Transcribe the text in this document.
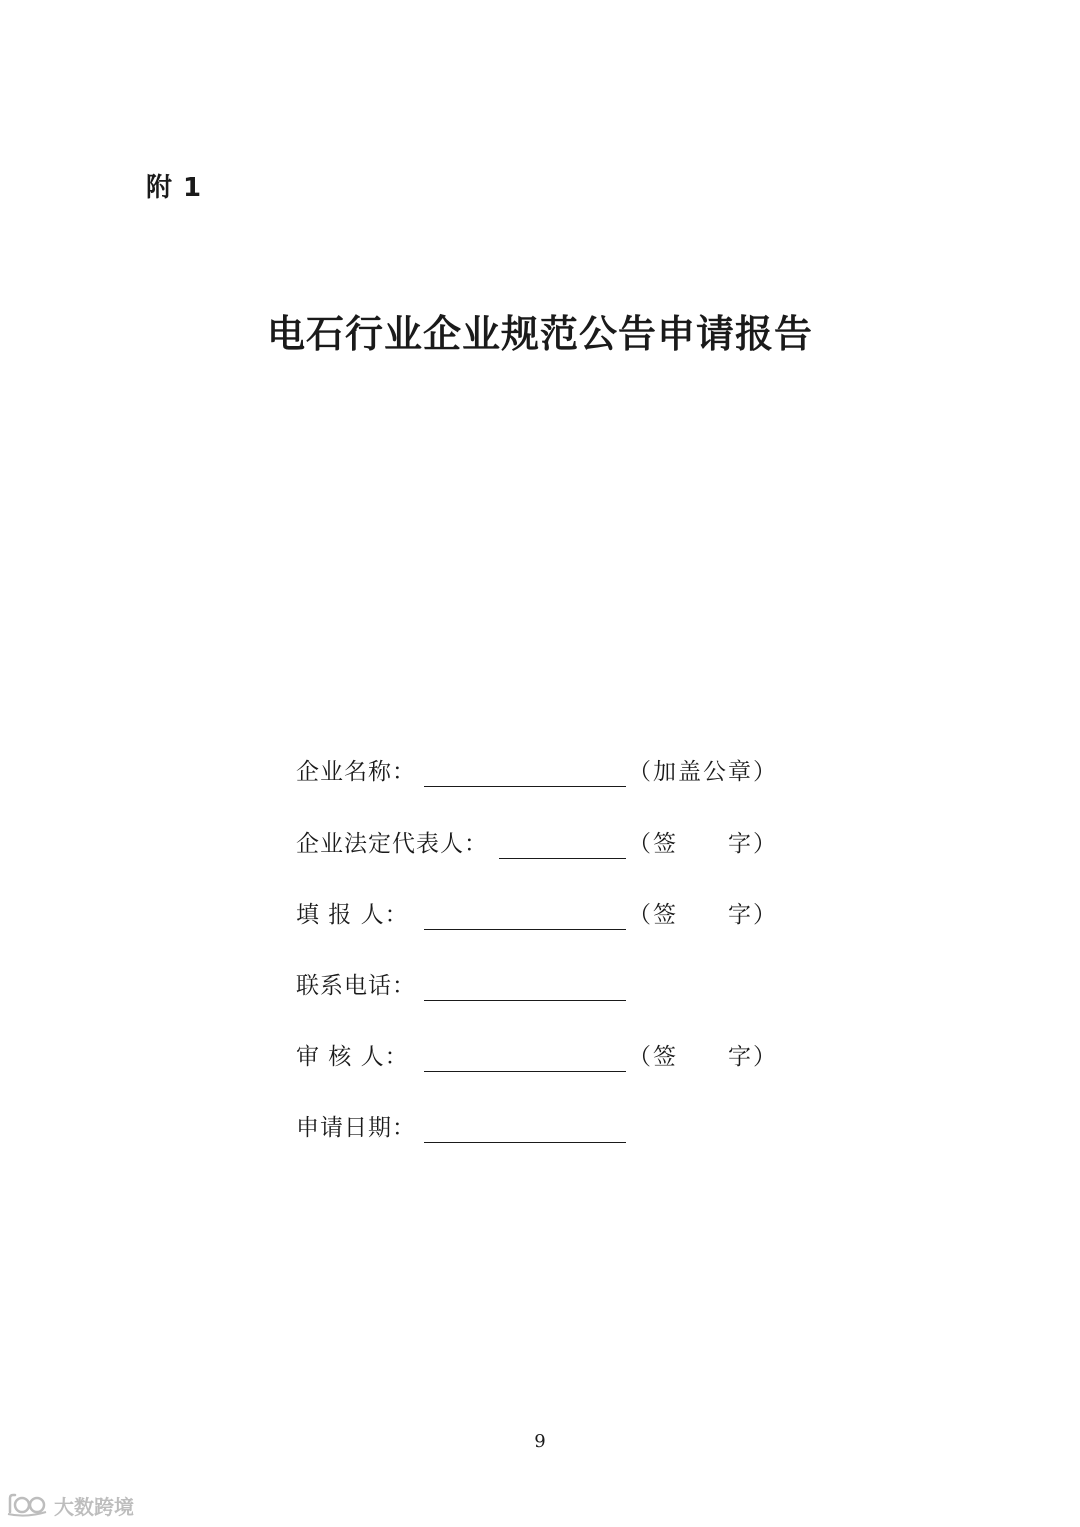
附 1
电石行业企业规范公告申请报告
企业名称：	（加盖公章）
企业法定代表人：	（签　　字）
填 报 人：	（签　　字）
联系电话：
审 核 人：	（签　　字）
申请日期：
9
大数跨境
